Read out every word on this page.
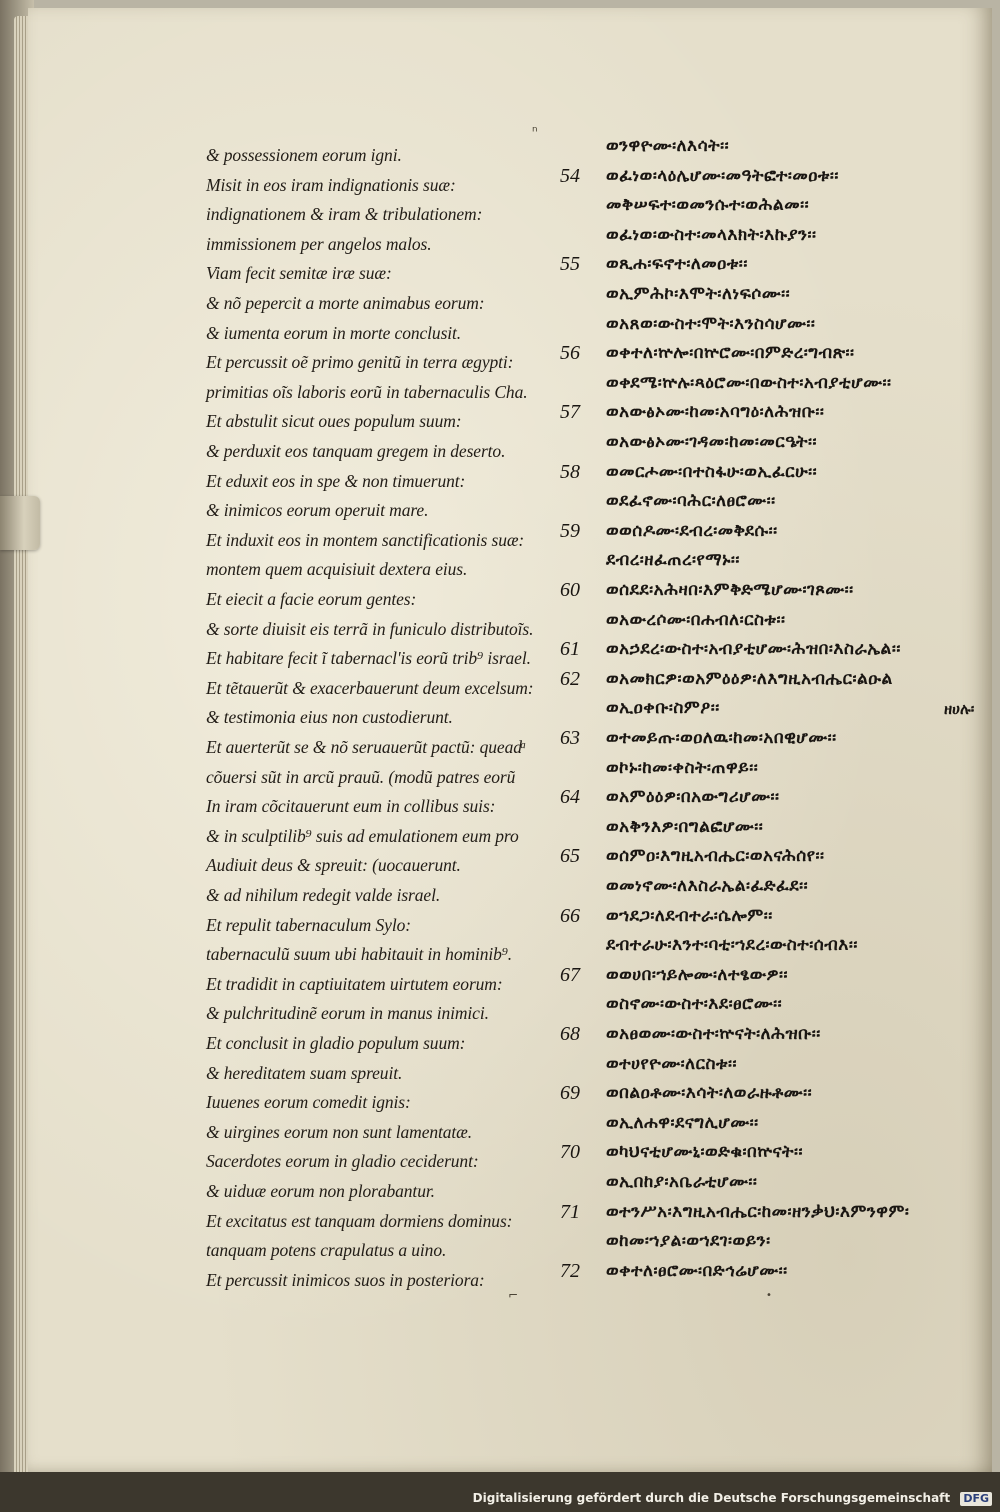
& possessionem eorum igni.
Misit in eos iram indignationis suæ:
indignationem & iram & tribulationem:
immissionem per angelos malos.
Viam fecit semitæ iræ suæ:
& nõ pepercit a morte animabus eorum:
& iumenta eorum in morte conclusit.
Et percussit oẽ primo genitũ in terra ægypti:
primitias oĩs laboris eorũ in tabernaculis Cha.
Et abstulit sicut oues populum suum:
& perduxit eos tanquam gregem in deserto.
Et eduxit eos in spe & non timuerunt:
& inimicos eorum operuit mare.
Et induxit eos in montem sanctificationis suæ:
montem quem acquisiuit dextera eius.
Et eiecit a facie eorum gentes:
& sorte diuisit eis terrã in funiculo distributoĩs.
Et habitare fecit ĩ tabernacl'is eorũ trib⁹ israel.
Et tẽtauerũt & exacerbauerunt deum excelsum:
& testimonia eius non custodierunt.
Et auerterũt se & nõ seruauerũt pactũ: queadͣ
cõuersi sũt in arcũ prauũ. (modũ patres eorũ
In iram cõcitauerunt eum in collibus suis:
& in sculptilib⁹ suis ad emulationem eum pro
Audiuit deus & spreuit: (uocauerunt.
& ad nihilum redegit valde israel.
Et repulit tabernaculum Sylo:
tabernaculũ suum ubi habitauit in hominib⁹.
Et tradidit in captiuitatem uirtutem eorum:
& pulchritudinẽ eorum in manus inimici.
Et conclusit in gladio populum suum:
& hereditatem suam spreuit.
Iuuenes eorum comedit ignis:
& uirgines eorum non sunt lamentatæ.
Sacerdotes eorum in gladio ceciderunt:
& uiduæ eorum non plorabantur.
Et excitatus est tanquam dormiens dominus:
tanquam potens crapulatus a uino.
Et percussit inimicos suos in posteriora:
ወንዋዮሙ፡ለእሳት፡፡
54 ወፈነወ፡ላዕሌሆሙ፡መዓትፎተ፡መዐቱ፡፡
መቅሠፍተ፡ወመንሱተ፡ወሕልመ፡፡
ወፈነወ፡ውስተ፡መላእክት፡እኩያን፡፡
55 ወጺሐ፡ፍኖተ፡ለመዐቱ፡፡
ወኢምሕኮ፡እሞት፡ለነፍሶሙ፡፡
ወአጸወ፡ውስተ፡ሞት፡እንስሳሆሙ፡፡
56 ወቀተለ፡ኵሎ፡በኵሮሙ፡በምድረ፡ግብጽ፡፡
ወቀደሜ፡ኵሉ፡ጻዕሮሙ፡በውስተ፡አብያቲሆሙ፡፡
57 ወአውፅኦሙ፡ከመ፡አባግዕ፡ለሕዝቡ፡፡
ወአውፅኦሙ፡ገዳመ፡ከመ፡መርዔት፡፡
58 ወመርሖሙ፡በተስፋሁ፡ወኢፈርሁ፡፡
ወደፈኖሙ፡ባሕር፡ለፀሮሙ፡፡
59 ወወሰዶሙ፡ደብረ፡መቅደሱ፡፡
ደብረ፡ዘፈጠረ፡የማኑ፡፡
60 ወሰደደ፡አሕዛበ፡እምቅድሜሆሙ፡ገጾሙ፡፡
ወአውረሶሙ፡በሐብለ፡ርስቱ፡፡
61 ወአኃደረ፡ውስተ፡አብያቲሆሙ፡ሕዝበ፡እስራኤል፡፡
62 ወአመክርዎ፡ወአምዕዕዎ፡ለእግዚአብሔር፡ልዑል
ወኢዐቀቡ፡ስምዖ፡፡
63 ወተመይጡ፡ወዐለዉ፡ከመ፡አበዊሆሙ፡፡
ወኮኑ፡ከመ፡ቀስት፡ጠዋይ፡፡
64 ወአምዕዕዎ፡በአውግሪሆሙ፡፡
ወአቅንእዎ፡በግልፎሆሙ፡፡
65 ወሰምዐ፡እግዚአብሔር፡ወአናሕሰየ፡፡
ወመነኖሙ፡ለእስራኤል፡ፈድፈደ፡፡
66 ወኀደጋ፡ለደብተራ፡ሴሎም፡፡
ደብተራሁ፡እንተ፡ባቲ፡ኀደረ፡ውስተ፡ሰብእ፡፡
67 ወወሀበ፡ኀይሎሙ፡ለተፄውዎ፡፡
ወስኖሙ፡ውስተ፡እደ፡ፀሮሙ፡፡
68 ወአፀወሙ፡ውስተ፡ኵናት፡ለሕዝቡ፡፡
ወተሀየዮሙ፡ለርስቱ፡፡
69 ወበልዐቶሙ፡እሳት፡ለወራዙቶሙ፡፡
ወኢለሐዋ፡ደናግሊሆሙ፡፡
70 ወካህናቲሆሙኒ፡ወድቁ፡በኵናት፡፡
ወኢበከያ፡አቤራቲሆሙ፡፡
71 ወተንሥአ፡እግዚአብሔር፡ከመ፡ዘንቃህ፡እምንዋም፡
ወከመ፡ኀያል፡ወኀደገ፡ወይን፡
72 ወቀተለ፡ፀሮሙ፡በድኅሬሆሙ፡፡
ዘሀሉ፡
ⁿ
⌐	•
Digitalisierung gefördert durch die Deutsche Forschungsgemeinschaft DFG
